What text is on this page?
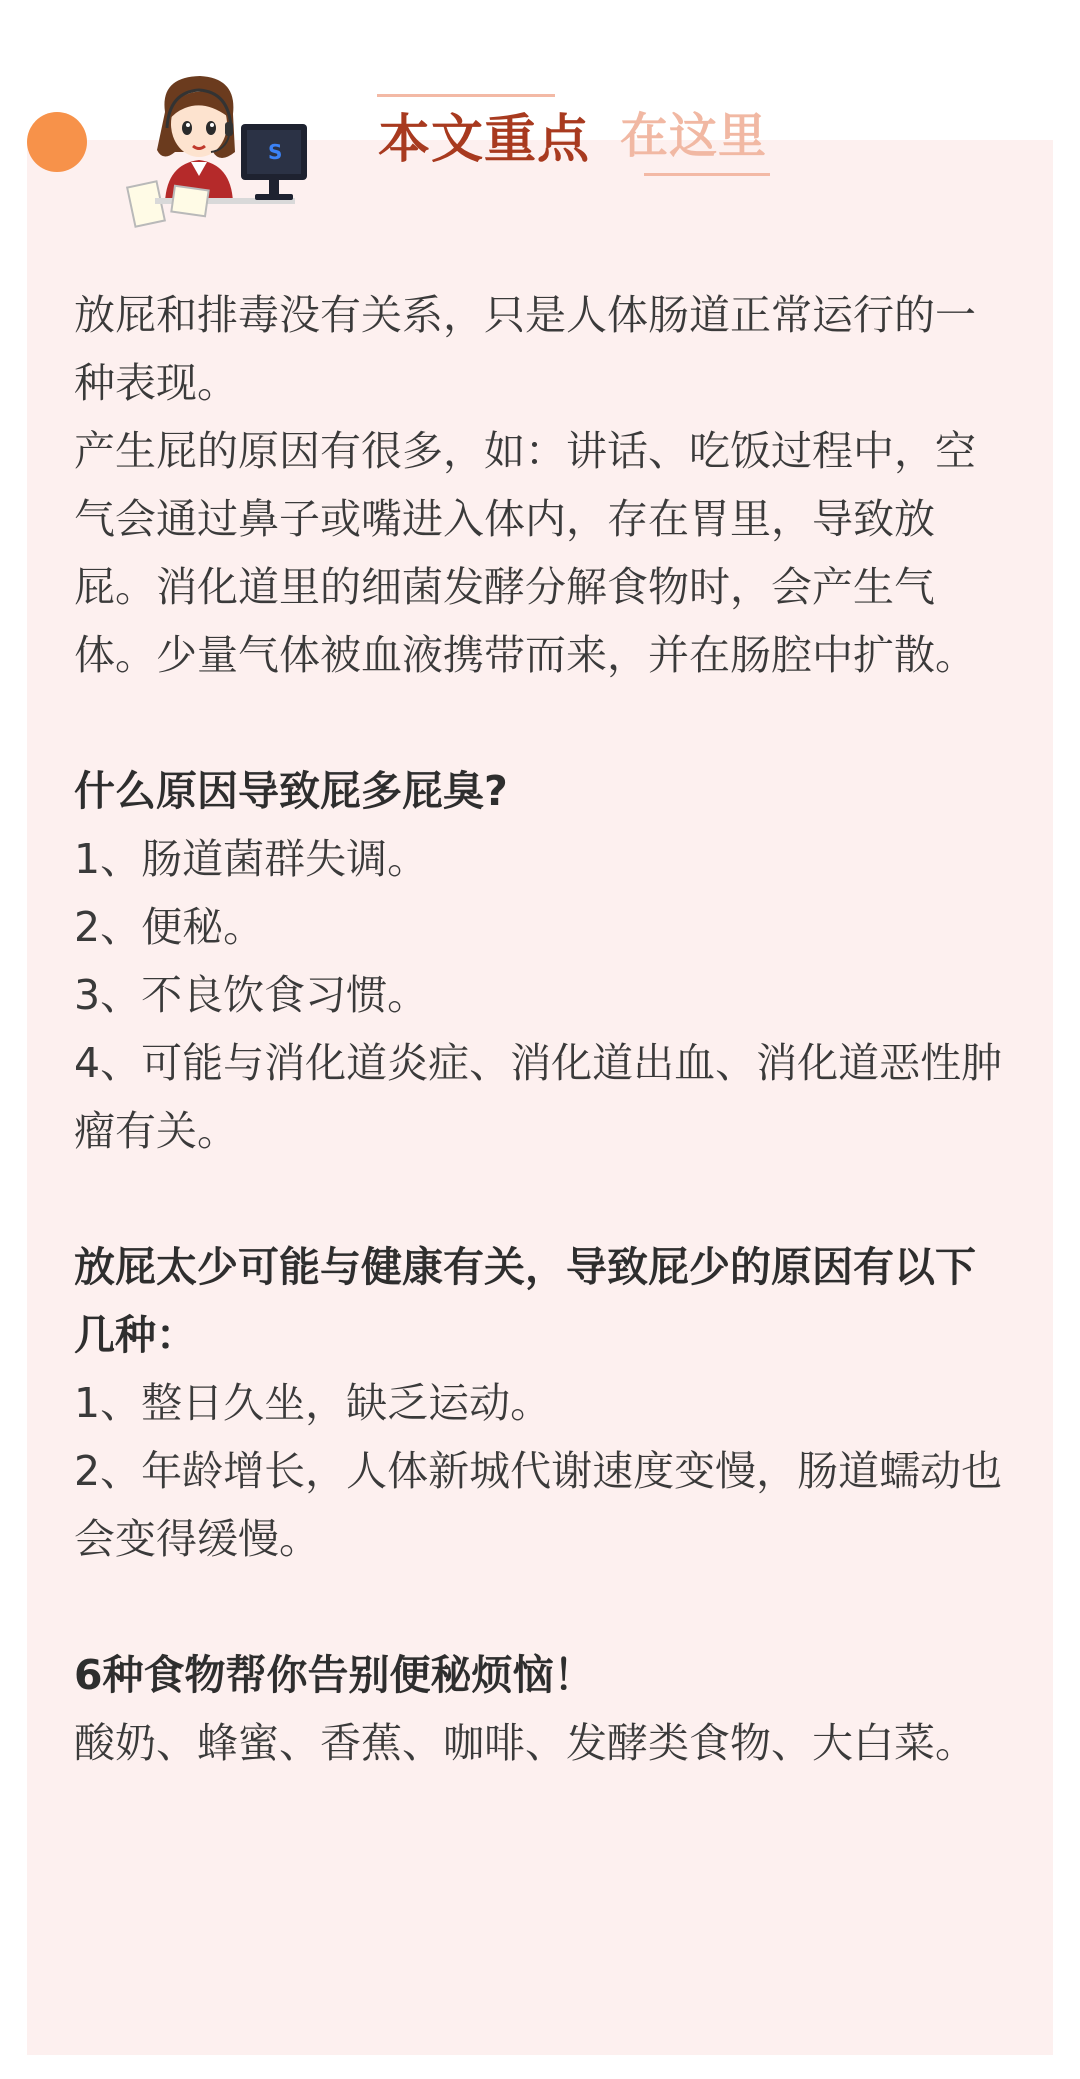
S 本文重点 在这里

放屁和排毒没有关系，只是人体肠道正常运行的一种表现。

产生屁的原因有很多，如：讲话、吃饭过程中，空气会通过鼻子或嘴进入体内，存在胃里，导致放屁。消化道里的细菌发酵分解食物时，会产生气体。少量气体被血液携带而来，并在肠腔中扩散。

什么原因导致屁多屁臭?

1、肠道菌群失调。

2、便秘。

3、不良饮食习惯。

4、可能与消化道炎症、消化道出血、消化道恶性肿瘤有关。

放屁太少可能与健康有关，导致屁少的原因有以下几种：

1、整日久坐，缺乏运动。

2、年龄增长，人体新城代谢速度变慢，肠道蠕动也会变得缓慢。

6种食物帮你告别便秘烦恼！

酸奶、蜂蜜、香蕉、咖啡、发酵类食物、大白菜。
